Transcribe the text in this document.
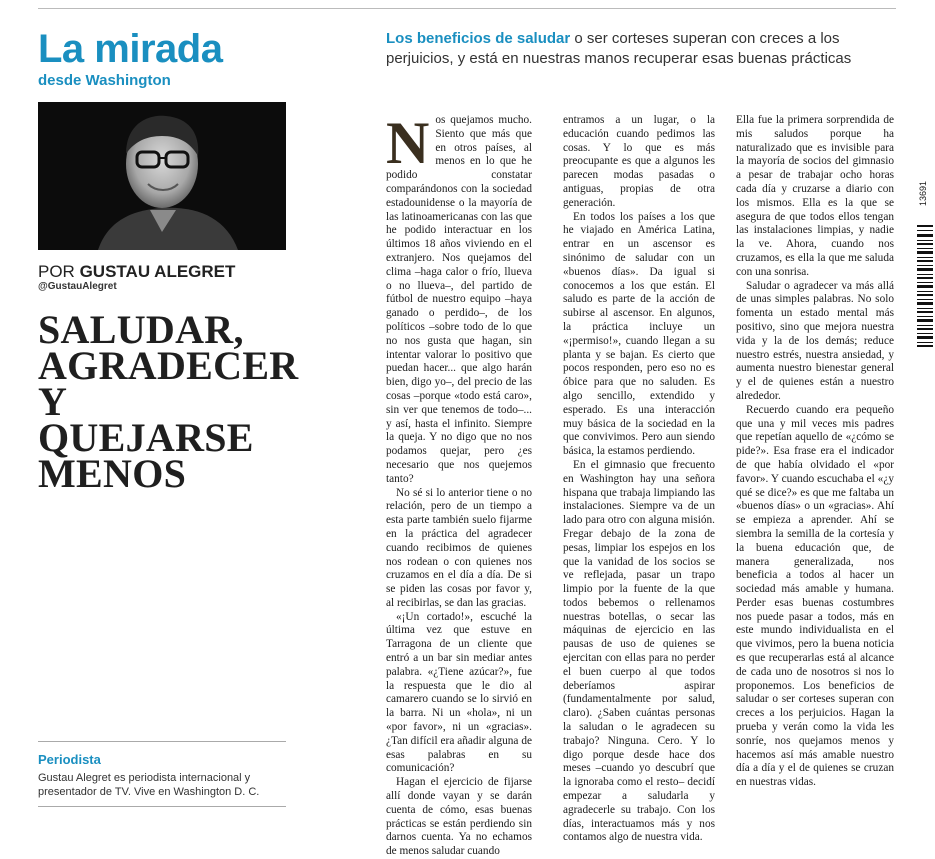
La mirada
desde Washington
POR GUSTAU ALEGRET
@GustauAlegret
SALUDAR, AGRADECER Y QUEJARSE MENOS
Periodista
Gustau Alegret es periodista internacional y presentador de TV. Vive en Washington D. C.
Los beneficios de saludar o ser corteses superan con creces a los perjuicios, y está en nuestras manos recuperar esas buenas prácticas

Nos quejamos mucho. Siento que más que en otros países, al menos en lo que he podido constatar comparándonos con la sociedad estadounidense o la mayoría de las latinoamericanas con las que he podido interactuar en los últimos 18 años viviendo en el extranjero. Nos quejamos del clima –haga calor o frío, llueva o no llueva–, del partido de fútbol de nuestro equipo –haya ganado o perdido–, de los políticos –sobre todo de lo que no nos gusta que hagan, sin intentar valorar lo positivo que puedan hacer... que algo harán bien, digo yo–, del precio de las cosas –porque «todo está caro», sin ver que tenemos de todo–... y así, hasta el infinito. Siempre la queja. Y no digo que no nos podamos quejar, pero ¿es necesario que nos quejemos tanto?

No sé si lo anterior tiene o no relación, pero de un tiempo a esta parte también suelo fijarme en la práctica del agradecer cuando recibimos de quienes nos rodean o con quienes nos cruzamos en el día a día. De si se piden las cosas por favor y, al recibirlas, se dan las gracias.

«¡Un cortado!», escuché la última vez que estuve en Tarragona de un cliente que entró a un bar sin mediar antes palabra. «¿Tiene azúcar?», fue la respuesta que le dio al camarero cuando se lo sirvió en la barra. Ni un «hola», ni un «por favor», ni un «gracias». ¿Tan difícil era añadir alguna de esas palabras en su comunicación?

Hagan el ejercicio de fijarse allí donde vayan y se darán cuenta de cómo, esas buenas prácticas se están perdiendo sin darnos cuenta. Ya no echamos de menos saludar cuando

entramos a un lugar, o la educación cuando pedimos las cosas. Y lo que es más preocupante es que a algunos les parecen modas pasadas o antiguas, propias de otra generación.

En todos los países a los que he viajado en América Latina, entrar en un ascensor es sinónimo de saludar con un «buenos días». Da igual si conocemos a los que están. El saludo es parte de la acción de subirse al ascensor. En algunos, la práctica incluye un «¡permiso!», cuando llegan a su planta y se bajan. Es cierto que pocos responden, pero eso no es óbice para que no saluden. Es algo sencillo, extendido y esperado. Es una interacción muy básica de la sociedad en la que convivimos. Pero aun siendo básica, la estamos perdiendo.

En el gimnasio que frecuento en Washington hay una señora hispana que trabaja limpiando las instalaciones. Siempre va de un lado para otro con alguna misión. Fregar debajo de la zona de pesas, limpiar los espejos en los que la vanidad de los socios se ve reflejada, pasar un trapo limpio por la fuente de la que todos bebemos o rellenamos nuestras botellas, o secar las máquinas de ejercicio en las pausas de uso de quienes se ejercitan con ellas para no perder el buen cuerpo al que todos deberíamos aspirar (fundamentalmente por salud, claro). ¿Saben cuántas personas la saludan o le agradecen su trabajo? Ninguna. Cero. Y lo digo porque desde hace dos meses –cuando yo descubrí que la ignoraba como el resto– decidí empezar a saludarla y agradecerle su trabajo. Con los días, interactuamos más y nos contamos algo de nuestra vida.

Ella fue la primera sorprendida de mis saludos porque ha naturalizado que es invisible para la mayoría de socios del gimnasio a pesar de trabajar ocho horas cada día y cruzarse a diario con los mismos. Ella es la que se asegura de que todos ellos tengan las instalaciones limpias, y nadie la ve. Ahora, cuando nos cruzamos, es ella la que me saluda con una sonrisa.

Saludar o agradecer va más allá de unas simples palabras. No solo fomenta un estado mental más positivo, sino que mejora nuestra vida y la de los demás; reduce nuestro estrés, nuestra ansiedad, y aumenta nuestro bienestar general y el de quienes están a nuestro alrededor.

Recuerdo cuando era pequeño que una y mil veces mis padres que repetían aquello de «¿cómo se pide?». Esa frase era el indicador de que había olvidado el «por favor». Y cuando escuchaba el «¿y qué se dice?» es que me faltaba un «buenos días» o un «gracias». Ahí se empieza a aprender. Ahí se siembra la semilla de la cortesía y la buena educación que, de manera generalizada, nos beneficia a todos al hacer un sociedad más amable y humana. Perder esas buenas costumbres nos puede pasar a todos, más en este mundo individualista en el que vivimos, pero la buena noticia es que recuperarlas está al alcance de cada uno de nosotros si nos lo proponemos. Los beneficios de saludar o ser corteses superan con creces a los perjuicios. Hagan la prueba y verán como la vida les sonríe, nos quejamos menos y hacemos así más amable nuestro día a día y el de quienes se cruzan en nuestras vidas.

13691
